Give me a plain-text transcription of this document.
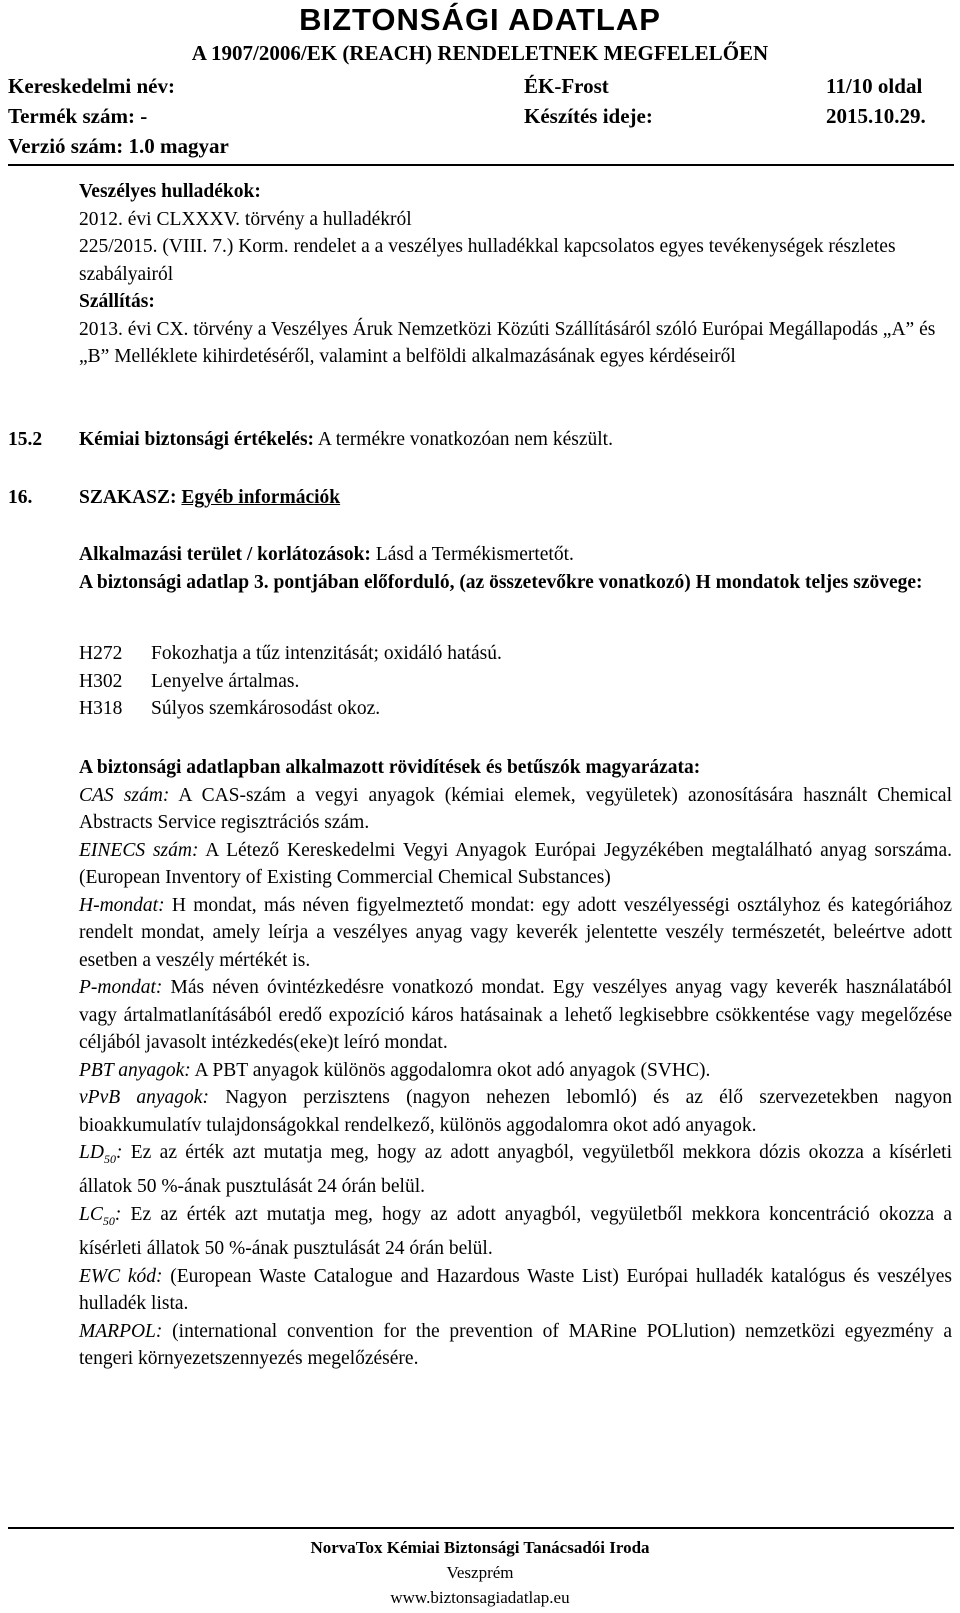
BIZTONSÁGI ADATLAP
A 1907/2006/EK (REACH) RENDELETNEK MEGFELELŐEN
Kereskedelmi név:	ÉK-Frost	11/10 oldal
Termék szám: -	Készítés ideje:	2015.10.29.
Verzió szám: 1.0 magyar

Veszélyes hulladékok:

2012. évi CLXXXV. törvény a hulladékról

225/2015. (VIII. 7.) Korm. rendelet a a veszélyes hulladékkal kapcsolatos egyes tevékenységek részletes szabályairól

Szállítás:

2013. évi CX. törvény a Veszélyes Áruk Nemzetközi Közúti Szállításáról szóló Európai Megállapodás „A” és „B” Melléklete kihirdetéséről, valamint a belföldi alkalmazásának egyes kérdéseiről

15.2	Kémiai biztonsági értékelés: A termékre vonatkozóan nem készült.
16.	SZAKASZ: Egyéb információk

Alkalmazási terület / korlátozások: Lásd a Termékismertetőt.

A biztonsági adatlap 3. pontjában előforduló, (az összetevőkre vonatkozó) H mondatok teljes szövege:

H272 Fokozhatja a tűz intenzitását; oxidáló hatású.

H302 Lenyelve ártalmas.

H318 Súlyos szemkárosodást okoz.

A biztonsági adatlapban alkalmazott rövidítések és betűszók magyarázata:

CAS szám: A CAS-szám a vegyi anyagok (kémiai elemek, vegyületek) azonosítására használt Chemical Abstracts Service regisztrációs szám.

EINECS szám: A Létező Kereskedelmi Vegyi Anyagok Európai Jegyzékében megtalálható anyag sorszáma. (European Inventory of Existing Commercial Chemical Substances)

H-mondat: H mondat, más néven figyelmeztető mondat: egy adott veszélyességi osztályhoz és kategóriához rendelt mondat, amely leírja a veszélyes anyag vagy keverék jelentette veszély természetét, beleértve adott esetben a veszély mértékét is.

P-mondat: Más néven óvintézkedésre vonatkozó mondat. Egy veszélyes anyag vagy keverék használatából vagy ártalmatlanításából eredő expozíció káros hatásainak a lehető legkisebbre csökkentése vagy megelőzése céljából javasolt intézkedés(eke)t leíró mondat.

PBT anyagok: A PBT anyagok különös aggodalomra okot adó anyagok (SVHC).

vPvB anyagok: Nagyon perzisztens (nagyon nehezen lebomló) és az élő szervezetekben nagyon bioakkumulatív tulajdonságokkal rendelkező, különös aggodalomra okot adó anyagok.

$LD_{50}$: Ez az érték azt mutatja meg, hogy az adott anyagból, vegyületből mekkora dózis okozza a kísérleti állatok 50 %-ának pusztulását 24 órán belül.

$LC_{50}$: Ez az érték azt mutatja meg, hogy az adott anyagból, vegyületből mekkora koncentráció okozza a kísérleti állatok 50 %-ának pusztulását 24 órán belül.

EWC kód: (European Waste Catalogue and Hazardous Waste List) Európai hulladék katalógus és veszélyes hulladék lista.

MARPOL: (international convention for the prevention of MARine POLlution) nemzetközi egyezmény a tengeri környezetszennyezés megelőzésére.

NorvaTox Kémiai Biztonsági Tanácsadói Iroda
Veszprém
www.biztonsagiadatlap.eu
